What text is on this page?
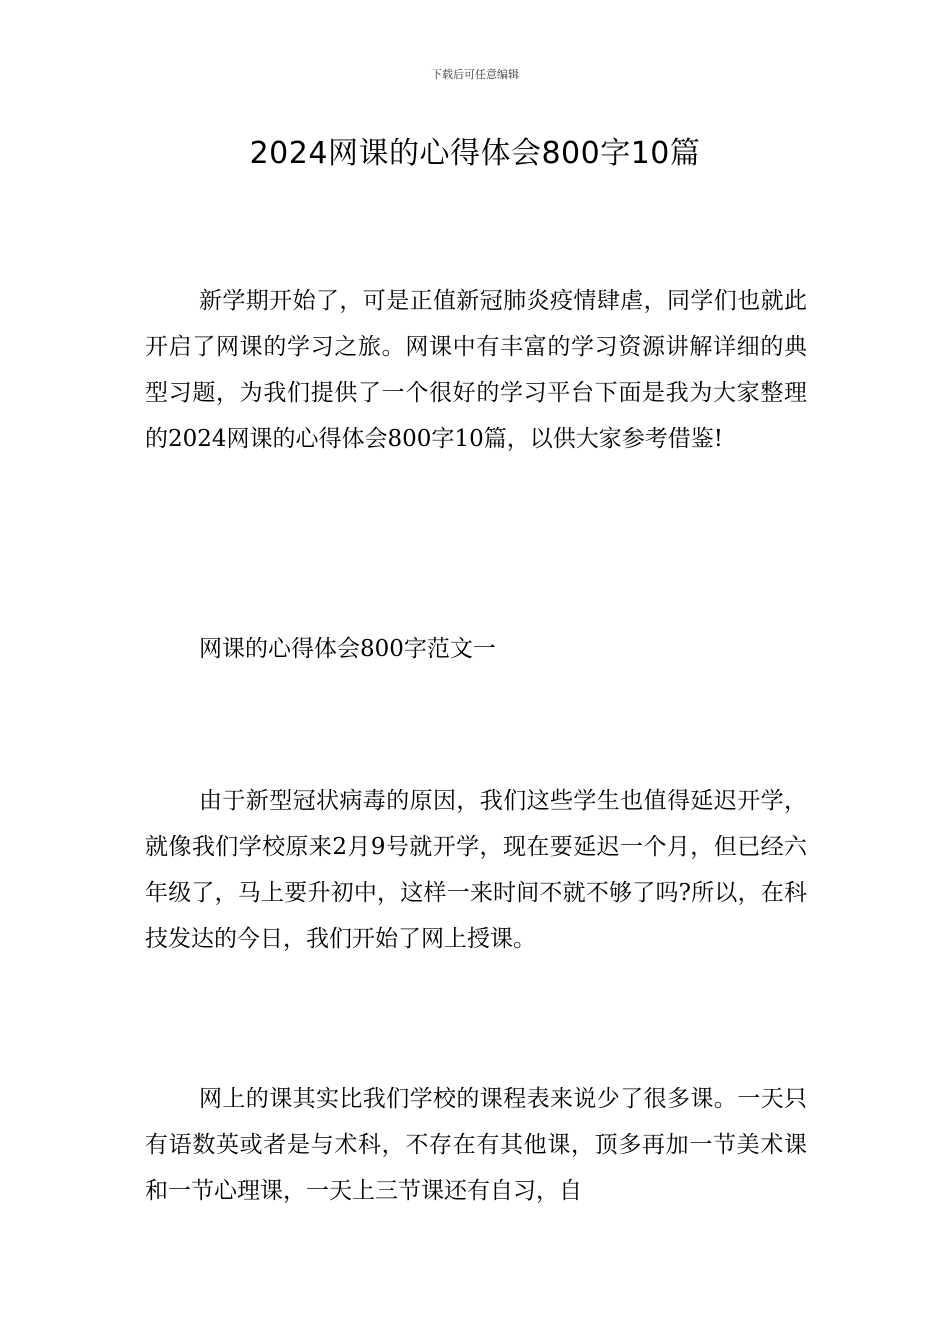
下载后可任意编辑
2024网课的心得体会800字10篇

新学期开始了，可是正值新冠肺炎疫情肆虐，同学们也就此开启了网课的学习之旅。网课中有丰富的学习资源讲解详细的典型习题，为我们提供了一个很好的学习平台下面是我为大家整理的2024网课的心得体会800字10篇，以供大家参考借鉴!

网课的心得体会800字范文一

由于新型冠状病毒的原因，我们这些学生也值得延迟开学，就像我们学校原来2月9号就开学，现在要延迟一个月，但已经六年级了，马上要升初中，这样一来时间不就不够了吗?所以，在科技发达的今日，我们开始了网上授课。

网上的课其实比我们学校的课程表来说少了很多课。一天只有语数英或者是与术科，不存在有其他课，顶多再加一节美术课和一节心理课，一天上三节课还有自习，自
